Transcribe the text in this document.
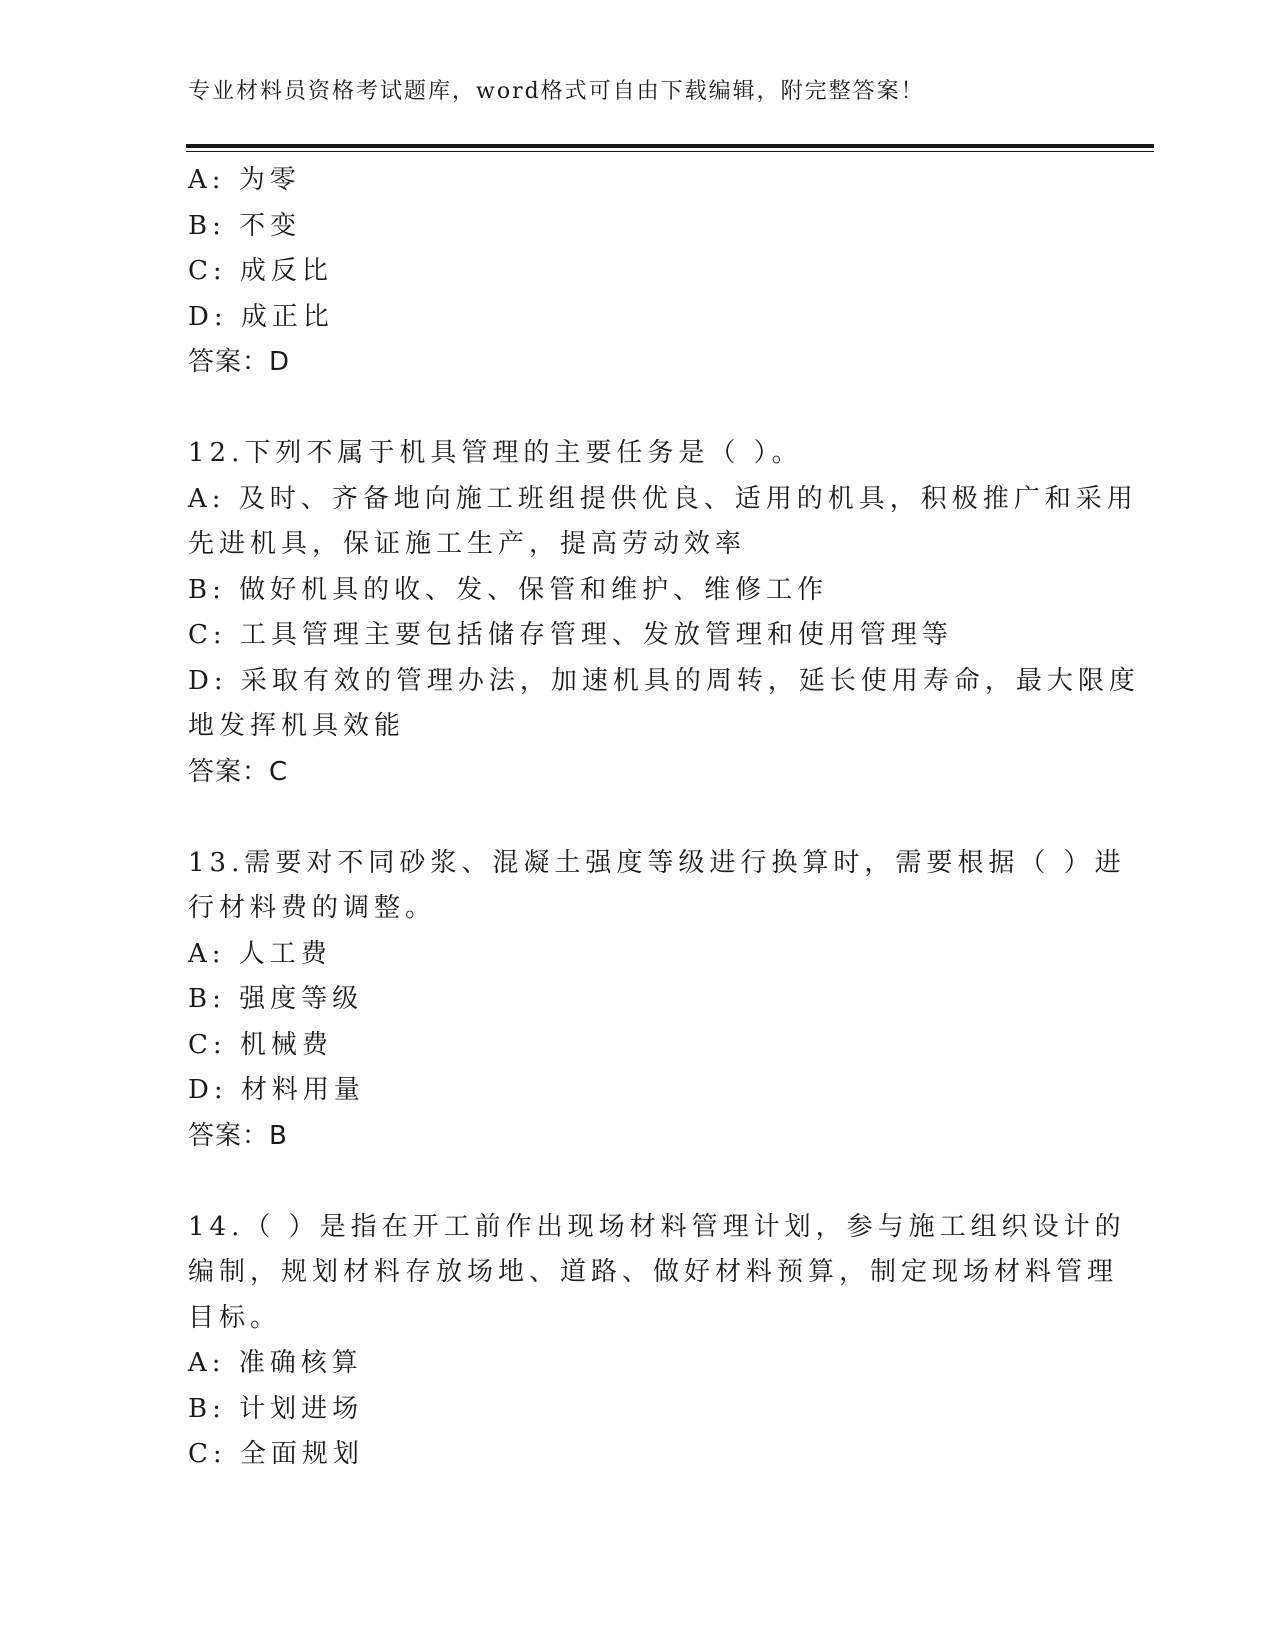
专业材料员资格考试题库，word格式可自由下载编辑，附完整答案！
A: 为零
B: 不变
C: 成反比
D: 成正比
答案：D
12.下列不属于机具管理的主要任务是（ ）。
A: 及时、齐备地向施工班组提供优良、适用的机具，积极推广和采用
先进机具，保证施工生产，提高劳动效率
B: 做好机具的收、发、保管和维护、维修工作
C: 工具管理主要包括储存管理、发放管理和使用管理等
D: 采取有效的管理办法，加速机具的周转，延长使用寿命，最大限度
地发挥机具效能
答案：C
13.需要对不同砂浆、混凝土强度等级进行换算时，需要根据（ ）进
行材料费的调整。
A: 人工费
B: 强度等级
C: 机械费
D: 材料用量
答案：B
14.（ ）是指在开工前作出现场材料管理计划，参与施工组织设计的
编制，规划材料存放场地、道路、做好材料预算，制定现场材料管理
目标。
A: 准确核算
B: 计划进场
C: 全面规划
